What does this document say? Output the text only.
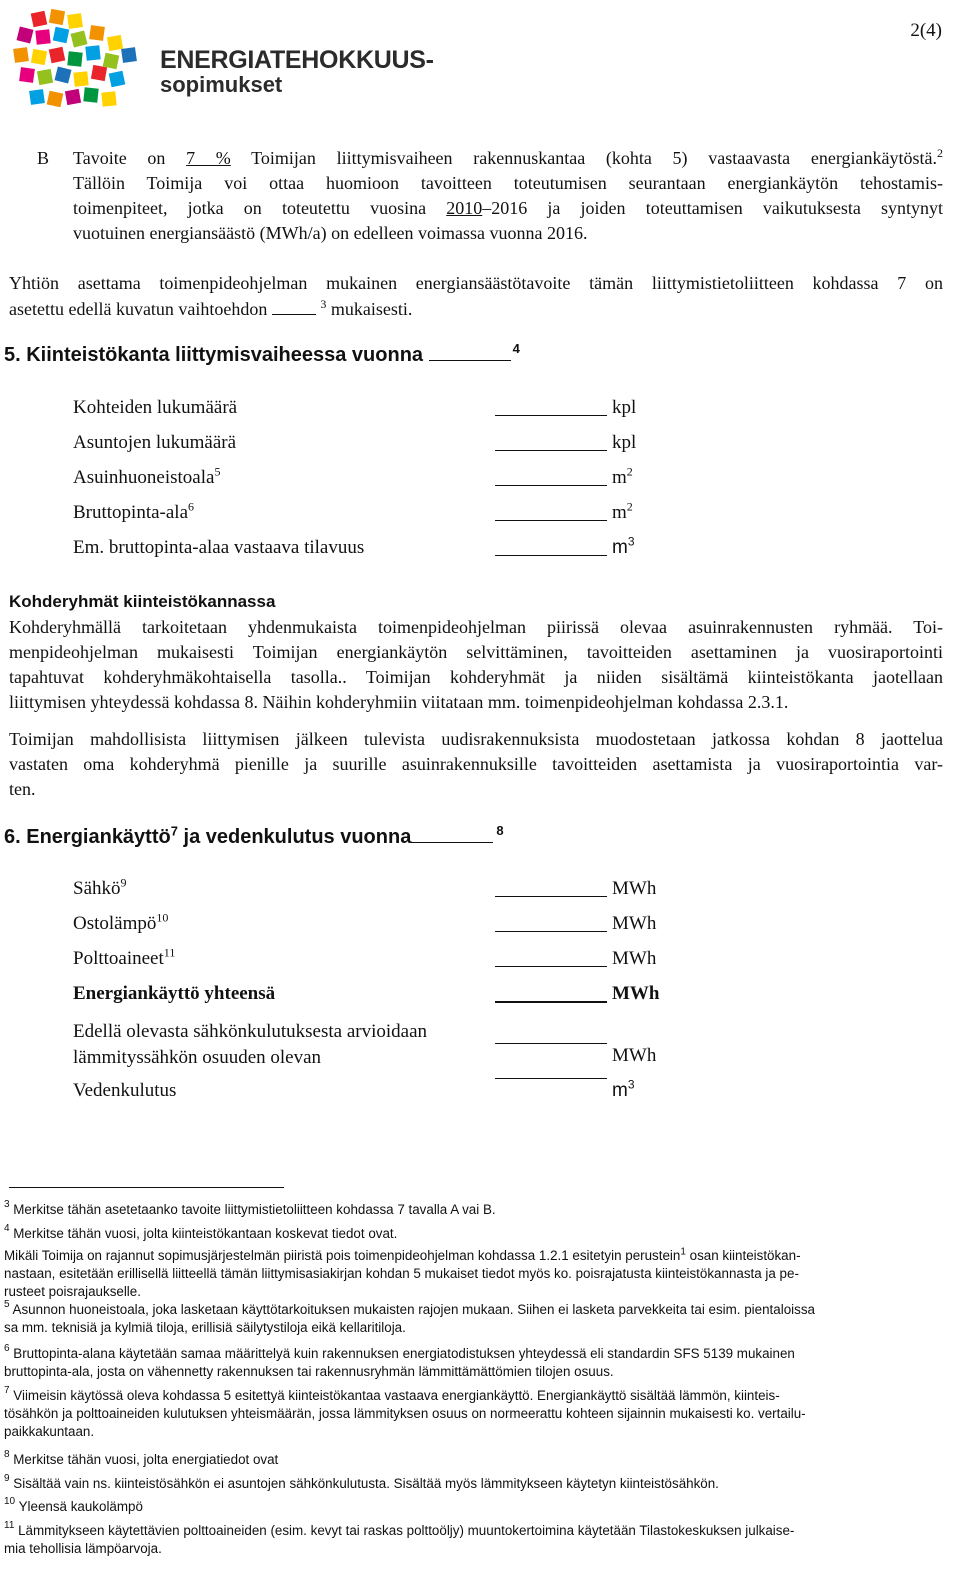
ENERGIATEHOKKUUS-
sopimukset
2(4)
B Tavoite on 7 % Toimijan liittymisvaiheen rakennuskantaa (kohta 5) vastaavasta energiankäytöstä.$^2$
Tällöin Toimija voi ottaa huomioon tavoitteen toteutumisen seurantaan energiankäytön tehostamis-
toimenpiteet, jotka on toteutettu vuosina 2010–2016 ja joiden toteuttamisen vaikutuksesta syntynyt
vuotuinen energiansäästö (MWh/a) on edelleen voimassa vuonna 2016.
Yhtiön asettama toimenpideohjelman mukainen energiansäästötavoite tämän liittymistietoliitteen kohdassa 7 on
asetettu edellä kuvatun vaihtoehdon	$^3$ mukaisesti.
5. Kiinteistökanta liittymisvaiheessa vuonna	$^4$
Kohteiden lukumäärä	kpl
Asuntojen lukumäärä	kpl
Asuinhuoneistoala$^5$	$m^2$
Bruttopinta-ala$^6$	$m^2$
Em. bruttopinta-alaa vastaava tilavuus	$m^3$
Kohderyhmät kiinteistökannassa
Kohderyhmällä tarkoitetaan yhdenmukaista toimenpideohjelman piirissä olevaa asuinrakennusten ryhmää. Toi-
menpideohjelman mukaisesti Toimijan energiankäytön selvittäminen, tavoitteiden asettaminen ja vuosiraportointi
tapahtuvat kohderyhmäkohtaisella tasolla.. Toimijan kohderyhmät ja niiden sisältämä kiinteistökanta jaotellaan
liittymisen yhteydessä kohdassa 8. Näihin kohderyhmiin viitataan mm. toimenpideohjelman kohdassa 2.3.1.
Toimijan mahdollisista liittymisen jälkeen tulevista uudisrakennuksista muodostetaan jatkossa kohdan 8 jaottelua
vastaten oma kohderyhmä pienille ja suurille asuinrakennuksille tavoitteiden asettamista ja vuosiraportointia var-
ten.
6. Energiankäyttö$^7$ ja vedenkulutus vuonna	$^8$
Sähkö$^9$	MWh
Ostolämpö$^{10}$	MWh
Polttoaineet$^{11}$	MWh
Energiankäyttö yhteensä	MWh
Edellä olevasta sähkönkulutuksesta arvioidaan
lämmityssähkön osuuden olevan	MWh
Vedenkulutus	$m^3$
$^3$ Merkitse tähän asetetaanko tavoite liittymistietoliitteen kohdassa 7 tavalla A vai B.
$^4$ Merkitse tähän vuosi, jolta kiinteistökantaan koskevat tiedot ovat.
Mikäli Toimija on rajannut sopimusjärjestelmän piiristä pois toimenpideohjelman kohdassa 1.2.1 esitetyin perustein$^1$ osan kiinteistökan-
nastaan, esitetään erillisellä liitteellä tämän liittymisasiakirjan kohdan 5 mukaiset tiedot myös ko. poisrajatusta kiinteistökannasta ja pe-
rusteet poisrajaukselle.
$^5$ Asunnon huoneistoala, joka lasketaan käyttötarkoituksen mukaisten rajojen mukaan. Siihen ei lasketa parvekkeita tai esim. pientaloissa
sa mm. teknisiä ja kylmiä tiloja, erillisiä säilytystiloja eikä kellaritiloja.
$^6$ Bruttopinta-alana käytetään samaa määrittelyä kuin rakennuksen energiatodistuksen yhteydessä eli standardin SFS 5139 mukainen
bruttopinta-ala, josta on vähennetty rakennuksen tai rakennusryhmän lämmittämättömien tilojen osuus.
$^7$ Viimeisin käytössä oleva kohdassa 5 esitettyä kiinteistökantaa vastaava energiankäyttö. Energiankäyttö sisältää lämmön, kiinteis-
tösähkön ja polttoaineiden kulutuksen yhteismäärän, jossa lämmityksen osuus on normeerattu kohteen sijainnin mukaisesti ko. vertailu-
paikkakuntaan.
$^8$ Merkitse tähän vuosi, jolta energiatiedot ovat
$^9$ Sisältää vain ns. kiinteistösähkön ei asuntojen sähkönkulutusta. Sisältää myös lämmitykseen käytetyn kiinteistösähkön.
$^{10}$ Yleensä kaukolämpö
$^{11}$ Lämmitykseen käytettävien polttoaineiden (esim. kevyt tai raskas polttoöljy) muuntokertoimina käytetään Tilastokeskuksen julkaise-
mia tehollisia lämpöarvoja.
